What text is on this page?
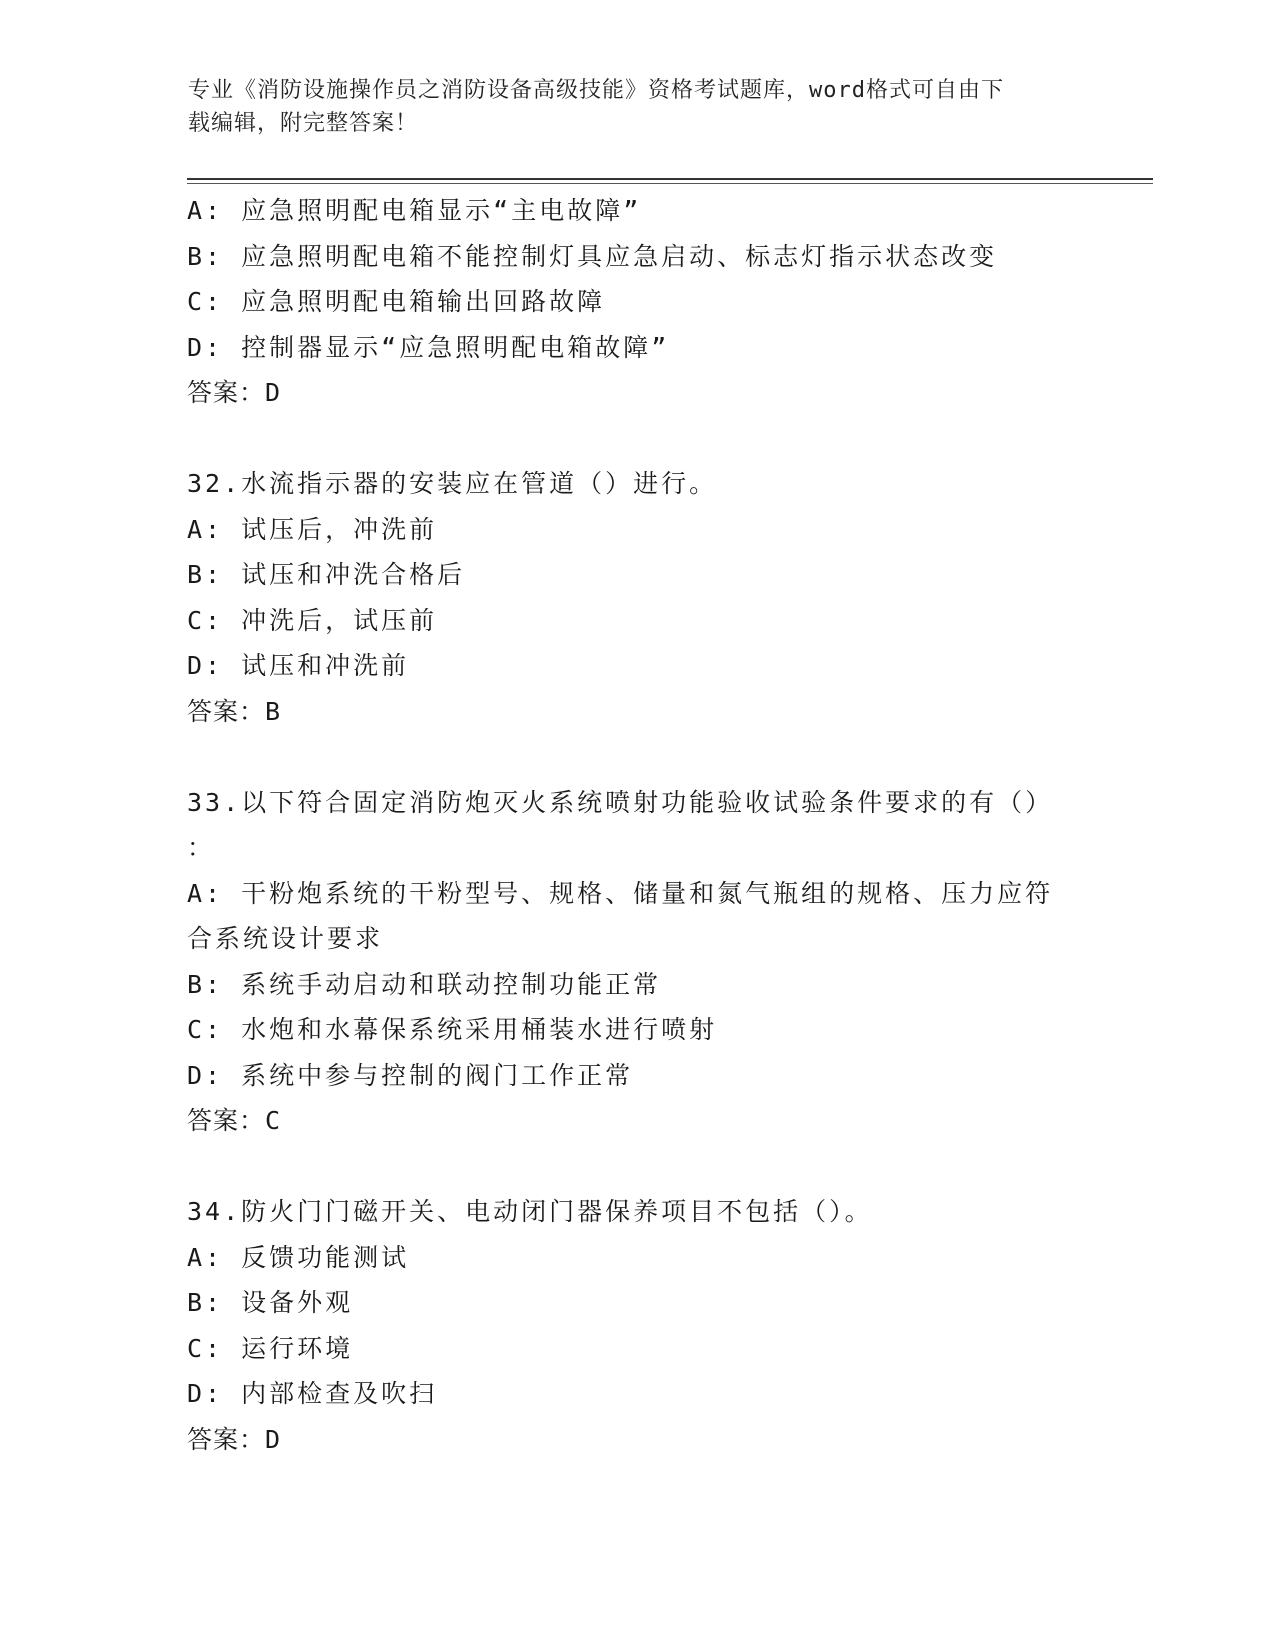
专业《消防设施操作员之消防设备高级技能》资格考试题库，word格式可自由下
载编辑，附完整答案！
A: 应急照明配电箱显示“主电故障”
B: 应急照明配电箱不能控制灯具应急启动、标志灯指示状态改变
C: 应急照明配电箱输出回路故障
D: 控制器显示“应急照明配电箱故障”
答案：D
32.水流指示器的安装应在管道（）进行。
A: 试压后，冲洗前
B: 试压和冲洗合格后
C: 冲洗后，试压前
D: 试压和冲洗前
答案：B
33.以下符合固定消防炮灭火系统喷射功能验收试验条件要求的有（）
：
A: 干粉炮系统的干粉型号、规格、储量和氮气瓶组的规格、压力应符
合系统设计要求
B: 系统手动启动和联动控制功能正常
C: 水炮和水幕保系统采用桶装水进行喷射
D: 系统中参与控制的阀门工作正常
答案：C
34.防火门门磁开关、电动闭门器保养项目不包括（）。
A: 反馈功能测试
B: 设备外观
C: 运行环境
D: 内部检查及吹扫
答案：D
